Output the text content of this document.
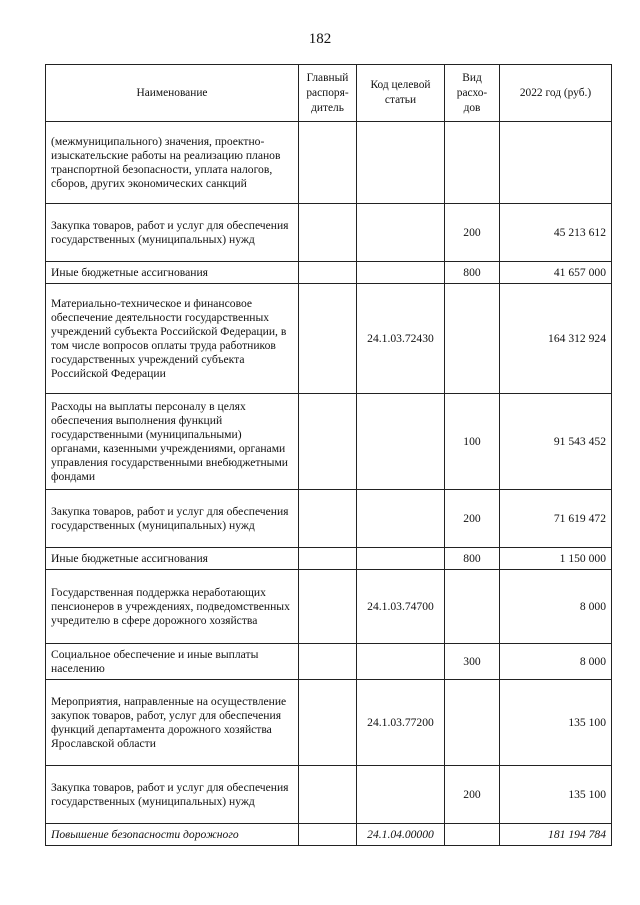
182
Наименование	Главный распоря-дитель	Код целевой статьи	Вид расхо-дов	2022 год (руб.)
(межмуниципального) значения, проектно-изыскательские работы на реализацию планов транспортной безопасности, уплата налогов, сборов, других экономических санкций				
Закупка товаров, работ и услуг для обеспечения государственных (муниципальных) нужд			200	45 213 612
Иные бюджетные ассигнования			800	41 657 000
Материально-техническое и финансовое обеспечение деятельности государственных учреждений субъекта Российской Федерации, в том числе вопросов оплаты труда работников государственных учреждений субъекта Российской Федерации		24.1.03.72430		164 312 924
Расходы на выплаты персоналу в целях обеспечения выполнения функций государственными (муниципальными) органами, казенными учреждениями, органами управления государственными внебюджетными фондами			100	91 543 452
Закупка товаров, работ и услуг для обеспечения государственных (муниципальных) нужд			200	71 619 472
Иные бюджетные ассигнования			800	1 150 000
Государственная поддержка неработающих пенсионеров в учреждениях, подведомственных учредителю в сфере дорожного хозяйства		24.1.03.74700		8 000
Социальное обеспечение и иные выплаты населению			300	8 000
Мероприятия, направленные на осуществление закупок товаров, работ, услуг для обеспечения функций департамента дорожного хозяйства Ярославской области		24.1.03.77200		135 100
Закупка товаров, работ и услуг для обеспечения государственных (муниципальных) нужд			200	135 100
Повышение безопасности дорожного		24.1.04.00000		181 194 784
